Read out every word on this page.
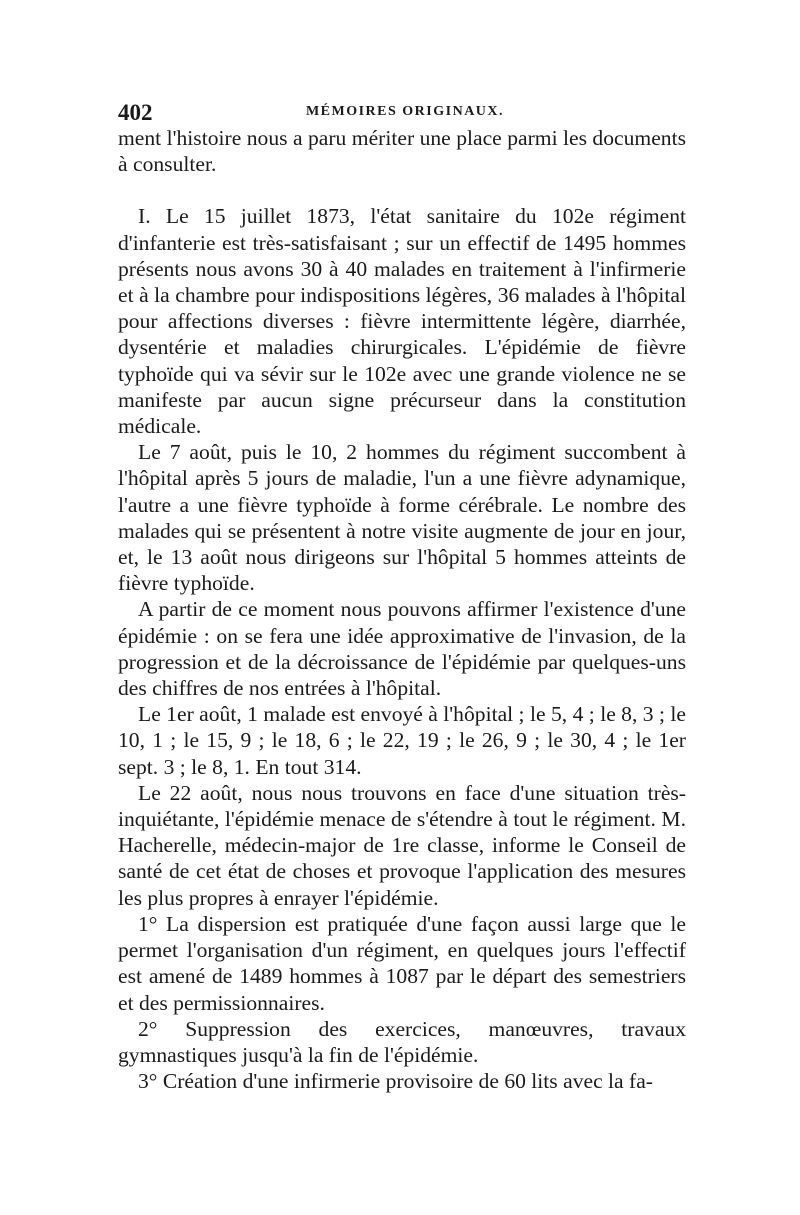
402	MÉMOIRES ORIGINAUX.

ment l'histoire nous a paru mériter une place parmi les documents à consulter.

I. Le 15 juillet 1873, l'état sanitaire du 102e régiment d'infanterie est très-satisfaisant ; sur un effectif de 1495 hommes présents nous avons 30 à 40 malades en traitement à l'infirmerie et à la chambre pour indispositions légères, 36 malades à l'hôpital pour affections diverses : fièvre intermittente légère, diarrhée, dysentérie et maladies chirurgicales. L'épidémie de fièvre typhoïde qui va sévir sur le 102e avec une grande violence ne se manifeste par aucun signe précurseur dans la constitution médicale.

Le 7 août, puis le 10, 2 hommes du régiment succombent à l'hôpital après 5 jours de maladie, l'un a une fièvre adynamique, l'autre a une fièvre typhoïde à forme cérébrale. Le nombre des malades qui se présentent à notre visite augmente de jour en jour, et, le 13 août nous dirigeons sur l'hôpital 5 hommes atteints de fièvre typhoïde.

A partir de ce moment nous pouvons affirmer l'existence d'une épidémie : on se fera une idée approximative de l'invasion, de la progression et de la décroissance de l'épidémie par quelques-uns des chiffres de nos entrées à l'hôpital.

Le 1er août, 1 malade est envoyé à l'hôpital ; le 5, 4 ; le 8, 3 ; le 10, 1 ; le 15, 9 ; le 18, 6 ; le 22, 19 ; le 26, 9 ; le 30, 4 ; le 1er sept. 3 ; le 8, 1. En tout 314.

Le 22 août, nous nous trouvons en face d'une situation très-inquiétante, l'épidémie menace de s'étendre à tout le régiment. M. Hacherelle, médecin-major de 1re classe, informe le Conseil de santé de cet état de choses et provoque l'application des mesures les plus propres à enrayer l'épidémie.

1° La dispersion est pratiquée d'une façon aussi large que le permet l'organisation d'un régiment, en quelques jours l'effectif est amené de 1489 hommes à 1087 par le départ des semestriers et des permissionnaires.

2° Suppression des exercices, manœuvres, travaux gymnastiques jusqu'à la fin de l'épidémie.

3° Création d'une infirmerie provisoire de 60 lits avec la fa-
